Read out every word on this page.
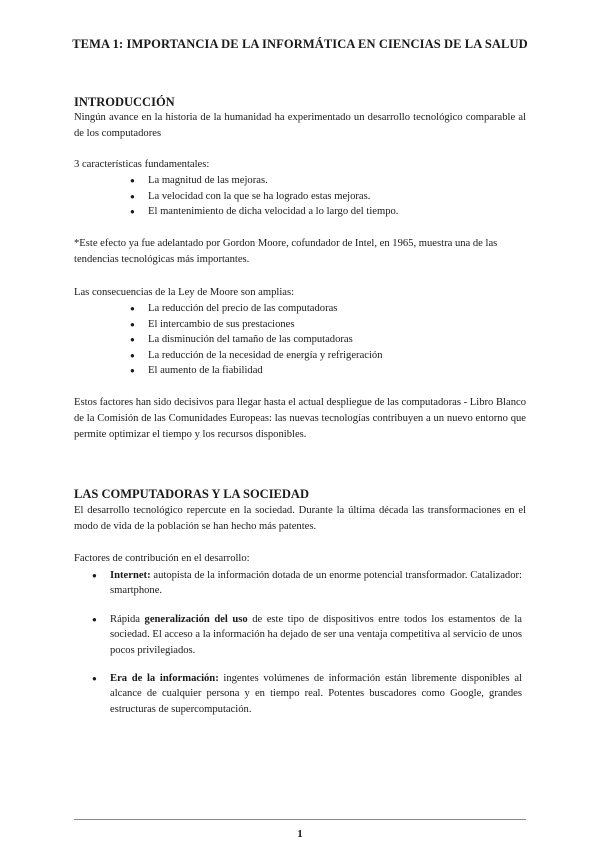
TEMA 1: IMPORTANCIA DE LA INFORMÁTICA EN CIENCIAS DE LA SALUD
INTRODUCCIÓN
Ningún avance en la historia de la humanidad ha experimentado un desarrollo tecnológico comparable al de los computadores
3 características fundamentales:
● La magnitud de las mejoras.
● La velocidad con la que se ha logrado estas mejoras.
● El mantenimiento de dicha velocidad a lo largo del tiempo.
*Este efecto ya fue adelantado por Gordon Moore, cofundador de Intel, en 1965, muestra una de las tendencias tecnológicas más importantes.
Las consecuencias de la Ley de Moore son amplias:
● La reducción del precio de las computadoras
● El intercambio de sus prestaciones
● La disminución del tamaño de las computadoras
● La reducción de la necesidad de energía y refrigeración
● El aumento de la fiabilidad
Estos factores han sido decisivos para llegar hasta el actual despliegue de las computadoras - Libro Blanco de la Comisión de las Comunidades Europeas: las nuevas tecnologías contribuyen a un nuevo entorno que permite optimizar el tiempo y los recursos disponibles.
LAS COMPUTADORAS Y LA SOCIEDAD
El desarrollo tecnológico repercute en la sociedad. Durante la última década las transformaciones en el modo de vida de la población se han hecho más patentes.
Factores de contribución en el desarrollo:
● Internet: autopista de la información dotada de un enorme potencial transformador. Catalizador: smartphone.
● Rápida generalización del uso de este tipo de dispositivos entre todos los estamentos de la sociedad. El acceso a la información ha dejado de ser una ventaja competitiva al servicio de unos pocos privilegiados.
● Era de la información: ingentes volúmenes de información están libremente disponibles al alcance de cualquier persona y en tiempo real. Potentes buscadores como Google, grandes estructuras de supercomputación.
1
